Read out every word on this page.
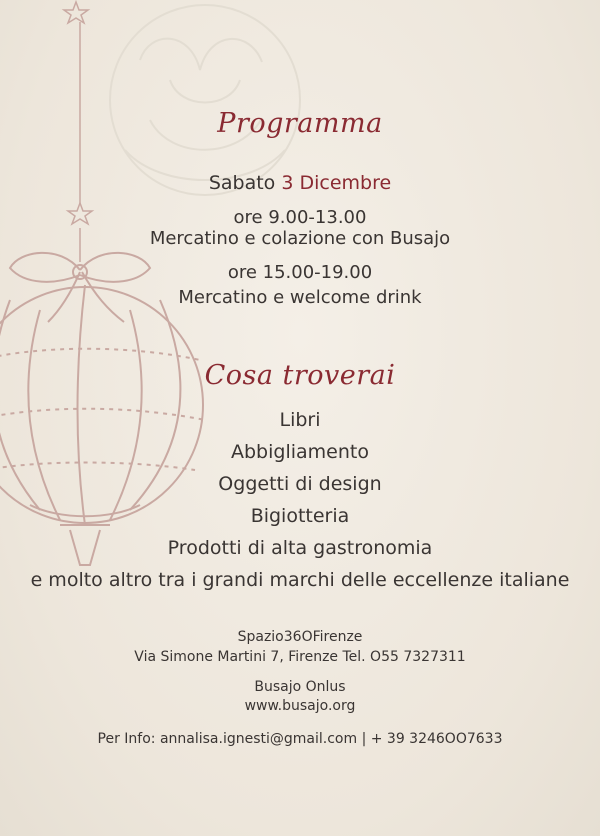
Programma
Sabato 3 Dicembre
ore 9.00-13.00
Mercatino e colazione con Busajo
ore 15.00-19.00
Mercatino e welcome drink
Cosa troverai
Libri
Abbigliamento
Oggetti di design
Bigiotteria
Prodotti di alta gastronomia
e molto altro tra i grandi marchi delle eccellenze italiane
Spazio36OFirenze
Via Simone Martini 7, Firenze Tel. O55 7327311
Busajo Onlus
www.busajo.org
Per Info: annalisa.ignesti@gmail.com | + 39 3246OO7633
